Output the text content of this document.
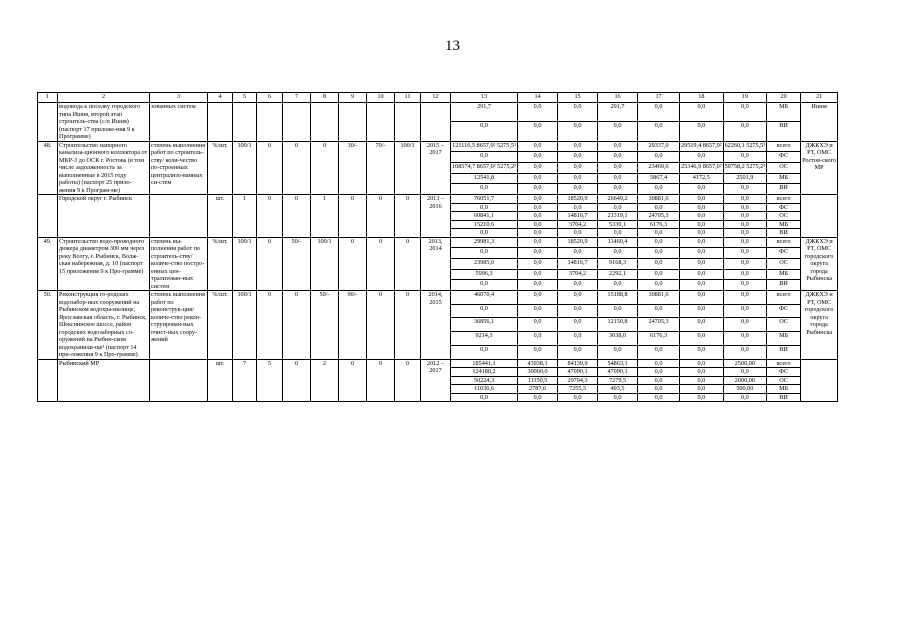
13
1	2	3	4	5	6	7	8	9	10	11	12	13	14	15	16	17	18	19	20	21
	водовода к поселку городского типа Ишня, второй этап строитель-ства (с/п Ишня) (паспорт 17 приложе-ния 9 к Программе)	зованных систем										291,7	0,0	0,0	291,7	0,0	0,0	0,0	МБ	Ишня
												0,0	0,0	0,0	0,0	0,0	0,0	0,0	ВИ	
48.	Строительство напорного канализа-ционного коллектора от МКР-3 до ОСК г. Ростова (в том числе задолженность за выполненные в 2015 году работы) (паспорт 25 прило-жения 9 к Програм-ме)	степень выполнения работ по строитель-ству/ коли-чество по-строенных централизо-ванных си-стем	%/шт.	100/1	0	0	0	30/-	70/-	100/1	2015 – 2017	121116,5 8657,0² 5275,5³	0,0	0,0	0,0	29337,0	29519,4 8657,0²	62260,1 5275,5³	всего	ДЖКХЭ и РТ, ОМС Ростов-ского МР
												0,0	0,0	0,0	0,0	0,0	0,0	0,0	ФС	
												108574,7 8657,0² 5275,2³	0,0	0,0	0,0	23469,6	25346,9 8657,0²	59758,2 5275,2³	ОС	
												12541,8	0,0	0,0	0,0	5867,4	4172,5	2501,9	МБ	
												0,0	0,0	0,0	0,0	0,0	0,0	0,0	ВИ	
	Городской округ г. Рыбинск		шт.	1	0	0	1	0	0	0	2013 – 2016	76051,7	0,0	18520,9	26649,2	30881,6	0,0	0,0	всего	
												0,0	0,0	0,0	0,0	0,0	0,0	0,0	ФС	
												60841,1	0,0	14816,7	21319,1	24705,3	0,0	0,0	ОС	
												15210,6	0,0	3704,2	5330,1	6176,3	0,0	0,0	МБ	
												0,0	0,0	0,0	0,0	0,0	0,0	0,0	ВИ	
49.	Строительство водо-проводного дюкера диаметром 300 мм через реку Волгу, г. Рыбинск, Волж-ская набережная, д. 10 (паспорт 15 приложения 9 к Про-грамме)	степень вы-полнения работ по строитель-ству/ количе-ство постро-енных цен-трализован-ных систем	%/шт.	100/1	0	50/-	100/1	0	0	0	2013, 2014	29981,3	0,0	18520,9	11460,4	0,0	0,0	0,0	всего	ДЖКХЭ и РТ, ОМС городского округа города Рыбинска
												0,0	0,0	0,0	0,0	0,0	0,0	0,0	ФС	
												23985,0	0,0	14816,7	9168,3	0,0	0,0	0,0	ОС	
												5996,3	0,0	3704,2	2292,1	0,0	0,0	0,0	МБ	
												0,0	0,0	0,0	0,0	0,0	0,0	0,0	ВИ	
50.	Реконструкция го-родских водозабор-ных сооружений на Рыбинском водохра-нилище, Ярославская область, г. Рыбинск, Шекснинское шоссе, район городских водозаборных со-оружений на Рыбин-ском водохранили-ще¹ (паспорт 14 при-ложения 9 к Про-грамме)	степень выполнения работ по реконструк-ции/ количе-ство рекон-струирован-ных очист-ных соору-жений	%/шт.	100/1	0	0	50/-	90/-	0	0	2014, 2015	46070,4	0,0	0,0	15188,8	30881,6	0,0	0,0	всего	ДЖКХЭ и РТ, ОМС городского округа города Рыбинска
												0,0	0,0	0,0	0,0	0,0	0,0	0,0	ФС	
												36856,1	0,0	0,0	12150,8	24705,3	0,0	0,0	ОС	
												9214,3	0,0	0,0	3038,0	6176,3	0,0	0,0	МБ	
												0,0	0,0	0,0	0,0	0,0	0,0	0,0	ВИ	
	Рыбинский МР		шт.	7	5	0	2	0	0	0	2012 – 2017	185441,1	43938,1	84139,9	54863,1	0,0	0,0	2500,00	всего	
												124180,2	30000,0	47090,1	47090,1	0,0	0,0	0,0	ФС	
												50224,3	11150,5	29794,3	7279,5	0,0	0,0	2000,00	ОС	
												11036,6	2787,6	7255,5	493,5	0,0	0,0	500,00	МБ	
												0,0	0,0	0,0	0,0	0,0	0,0	0,0	ВИ	
